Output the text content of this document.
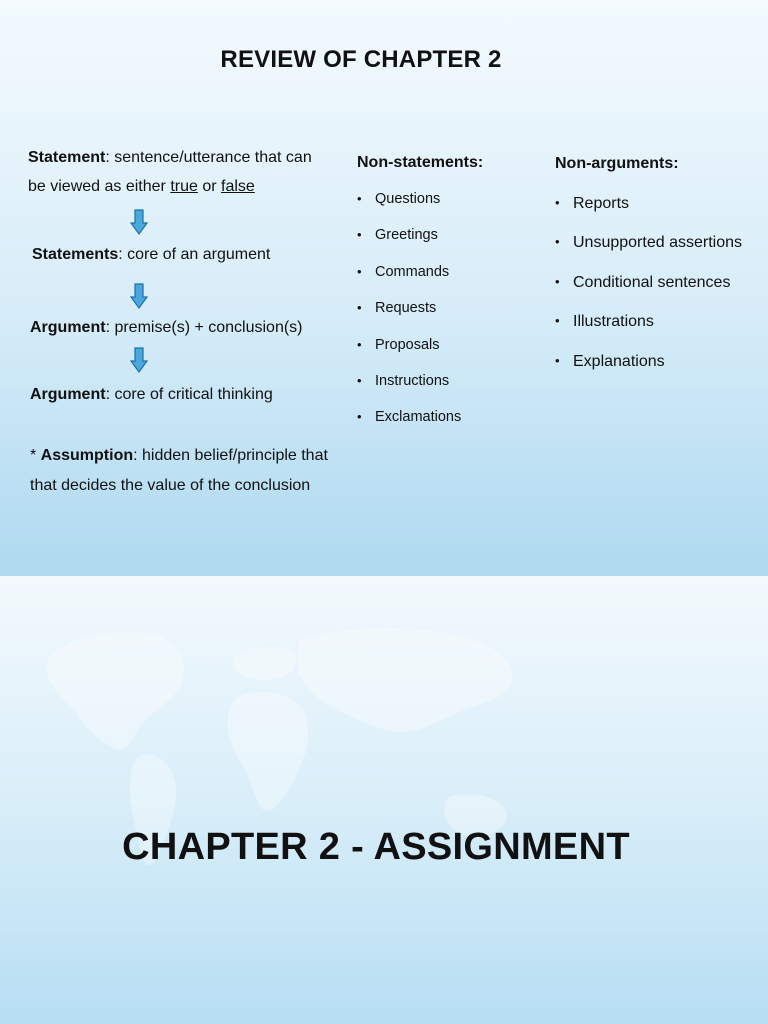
REVIEW OF CHAPTER 2
Statement: sentence/utterance that can
be viewed as either true or false
Statements: core of an argument
Argument: premise(s) + conclusion(s)
Argument: core of critical thinking
* Assumption: hidden belief/principle that
that decides the value of the conclusion
Non-statements:
• Questions
• Greetings
• Commands
• Requests
• Proposals
• Instructions
• Exclamations
Non-arguments:
• Reports
• Unsupported assertions
• Conditional sentences
• Illustrations
• Explanations
CHAPTER 2 - ASSIGNMENT
